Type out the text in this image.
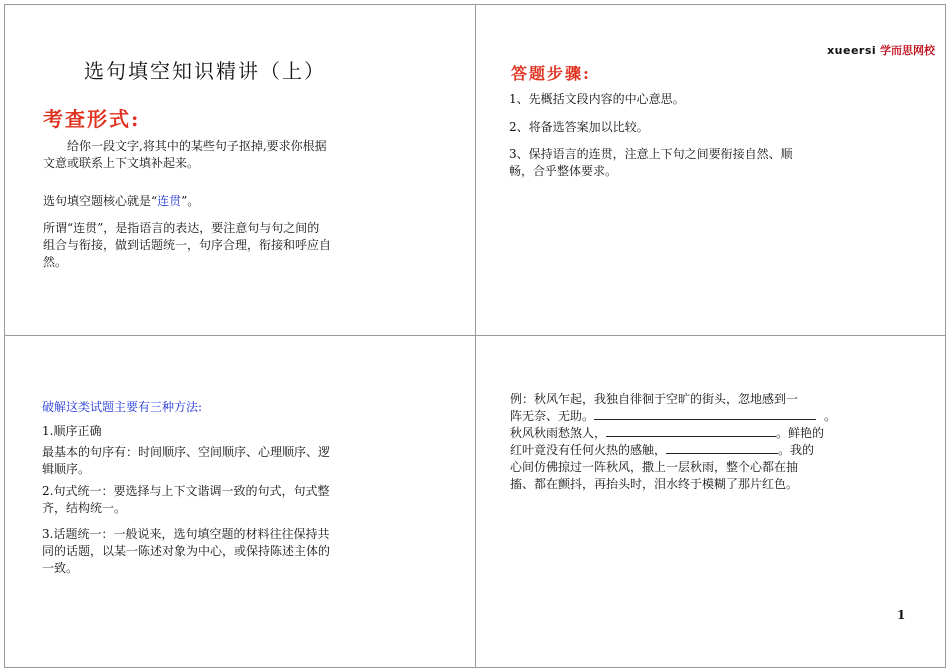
选句填空知识精讲（上）
考查形式:
　　给你一段文字,将其中的某些句子抠掉,要求你根据
文意或联系上下文填补起来。
选句填空题核心就是“连贯”。
所谓“连贯”，是指语言的表达，要注意句与句之间的
组合与衔接，做到话题统一，句序合理，衔接和呼应自
然。
xueersi 学而思网校
答题步骤:
1、先概括文段内容的中心意思。
2、将备选答案加以比较。
3、保持语言的连贯，注意上下句之间要衔接自然、顺
畅，合乎整体要求。
破解这类试题主要有三种方法:
1.顺序正确
最基本的句序有：时间顺序、空间顺序、心理顺序、逻
辑顺序。
2.句式统一：要选择与上下文谐调一致的句式，句式整
齐，结构统一。
3.话题统一：一般说来，选句填空题的材料往往保持共
同的话题，以某一陈述对象为中心，或保持陈述主体的
一致。
例：秋风乍起，我独自徘徊于空旷的街头，忽地感到一
阵无奈、无助。	。
秋风秋雨愁煞人，	。鲜艳的
红叶竟没有任何火热的感触，	。我的
心间仿佛掠过一阵秋风，撒上一层秋雨，整个心都在抽
搐、都在颤抖，再抬头时，泪水终于模糊了那片红色。
1
